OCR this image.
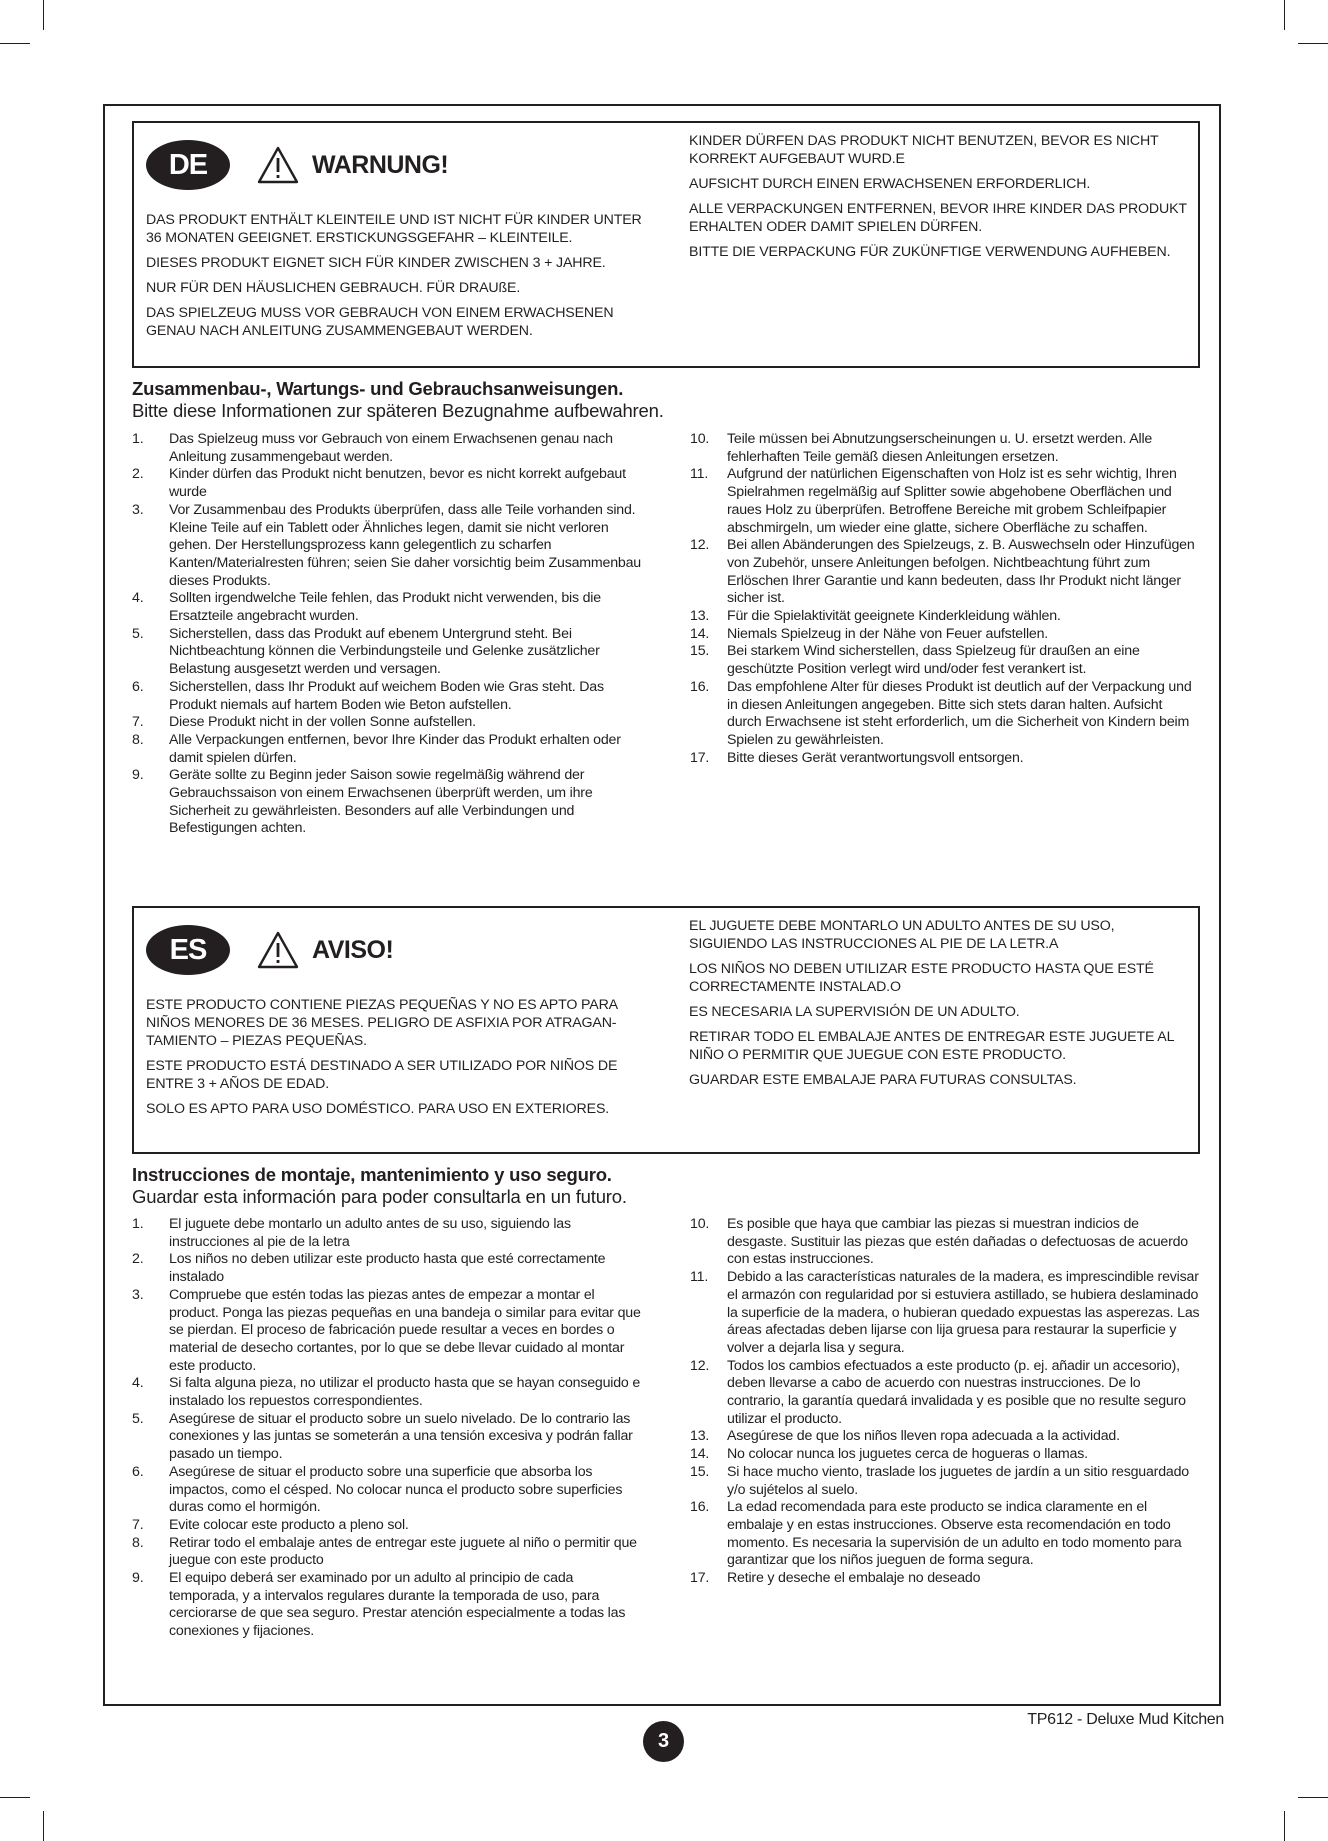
DE	WARNUNG!

DAS PRODUKT ENTHÄLT KLEINTEILE UND IST NICHT FÜR KINDER UNTER 36 MONATEN GEEIGNET. ERSTICKUNGSGEFAHR – KLEINTEILE.

DIESES PRODUKT EIGNET SICH FÜR KINDER ZWISCHEN 3 + JAHRE.

NUR FÜR DEN HÄUSLICHEN GEBRAUCH. FÜR DRAUßE.

DAS SPIELZEUG MUSS VOR GEBRAUCH VON EINEM ERWACHSENEN GENAU NACH ANLEITUNG ZUSAMMENGEBAUT WERDEN.

KINDER DÜRFEN DAS PRODUKT NICHT BENUTZEN, BEVOR ES NICHT KORREKT AUFGEBAUT WURD.E

AUFSICHT DURCH EINEN ERWACHSENEN ERFORDERLICH.

ALLE VERPACKUNGEN ENTFERNEN, BEVOR IHRE KINDER DAS PRODUKT ERHALTEN ODER DAMIT SPIELEN DÜRFEN.

BITTE DIE VERPACKUNG FÜR ZUKÜNFTIGE VERWENDUNG AUFHEBEN.

Zusammenbau-, Wartungs- und Gebrauchsanweisungen.
Bitte diese Informationen zur späteren Bezugnahme aufbewahren.
1. Das Spielzeug muss vor Gebrauch von einem Erwachsenen genau nach Anleitung zusammengebaut werden.
2. Kinder dürfen das Produkt nicht benutzen, bevor es nicht korrekt aufgebaut wurde
3. Vor Zusammenbau des Produkts überprüfen, dass alle Teile vorhanden sind. Kleine Teile auf ein Tablett oder Ähnliches legen, damit sie nicht verloren gehen. Der Herstellungsprozess kann gelegentlich zu scharfen Kanten/Materialresten führen; seien Sie daher vorsichtig beim Zusammenbau dieses Produkts.
4. Sollten irgendwelche Teile fehlen, das Produkt nicht verwenden, bis die Ersatzteile angebracht wurden.
5. Sicherstellen, dass das Produkt auf ebenem Untergrund steht. Bei Nichtbeachtung können die Verbindungsteile und Gelenke zusätzlicher Belastung ausgesetzt werden und versagen.
6. Sicherstellen, dass Ihr Produkt auf weichem Boden wie Gras steht. Das Produkt niemals auf hartem Boden wie Beton aufstellen.
7. Diese Produkt nicht in der vollen Sonne aufstellen.
8. Alle Verpackungen entfernen, bevor Ihre Kinder das Produkt erhalten oder damit spielen dürfen.
9. Geräte sollte zu Beginn jeder Saison sowie regelmäßig während der Gebrauchssaison von einem Erwachsenen überprüft werden, um ihre Sicherheit zu gewährleisten. Besonders auf alle Verbindungen und Befestigungen achten.
10. Teile müssen bei Abnutzungserscheinungen u. U. ersetzt werden. Alle fehlerhaften Teile gemäß diesen Anleitungen ersetzen.
11. Aufgrund der natürlichen Eigenschaften von Holz ist es sehr wichtig, Ihren Spielrahmen regelmäßig auf Splitter sowie abgehobene Oberflächen und raues Holz zu überprüfen. Betroffene Bereiche mit grobem Schleifpapier abschmirgeln, um wieder eine glatte, sichere Oberfläche zu schaffen.
12. Bei allen Abänderungen des Spielzeugs, z. B. Auswechseln oder Hinzufügen von Zubehör, unsere Anleitungen befolgen. Nichtbeachtung führt zum Erlöschen Ihrer Garantie und kann bedeuten, dass Ihr Produkt nicht länger sicher ist.
13. Für die Spielaktivität geeignete Kinderkleidung wählen.
14. Niemals Spielzeug in der Nähe von Feuer aufstellen.
15. Bei starkem Wind sicherstellen, dass Spielzeug für draußen an eine geschützte Position verlegt wird und/oder fest verankert ist.
16. Das empfohlene Alter für dieses Produkt ist deutlich auf der Verpackung und in diesen Anleitungen angegeben. Bitte sich stets daran halten. Aufsicht durch Erwachsene ist steht erforderlich, um die Sicherheit von Kindern beim Spielen zu gewährleisten.
17. Bitte dieses Gerät verantwortungsvoll entsorgen.
ES	AVISO!

ESTE PRODUCTO CONTIENE PIEZAS PEQUEÑAS Y NO ES APTO PARA NIÑOS MENORES DE 36 MESES. PELIGRO DE ASFIXIA POR ATRAGAN-TAMIENTO – PIEZAS PEQUEÑAS.

ESTE PRODUCTO ESTÁ DESTINADO A SER UTILIZADO POR NIÑOS DE ENTRE 3 + AÑOS DE EDAD.

SOLO ES APTO PARA USO DOMÉSTICO. PARA USO EN EXTERIORES.

EL JUGUETE DEBE MONTARLO UN ADULTO ANTES DE SU USO, SIGUIENDO LAS INSTRUCCIONES AL PIE DE LA LETR.A

LOS NIÑOS NO DEBEN UTILIZAR ESTE PRODUCTO HASTA QUE ESTÉ CORRECTAMENTE INSTALAD.O

ES NECESARIA LA SUPERVISIÓN DE UN ADULTO.

RETIRAR TODO EL EMBALAJE ANTES DE ENTREGAR ESTE JUGUETE AL NIÑO O PERMITIR QUE JUEGUE CON ESTE PRODUCTO.

GUARDAR ESTE EMBALAJE PARA FUTURAS CONSULTAS.

Instrucciones de montaje, mantenimiento y uso seguro.
Guardar esta información para poder consultarla en un futuro.
1. El juguete debe montarlo un adulto antes de su uso, siguiendo las instrucciones al pie de la letra
2. Los niños no deben utilizar este producto hasta que esté correctamente instalado
3. Compruebe que estén todas las piezas antes de empezar a montar el product. Ponga las piezas pequeñas en una bandeja o similar para evitar que se pierdan. El proceso de fabricación puede resultar a veces en bordes o material de desecho cortantes, por lo que se debe llevar cuidado al montar este producto.
4. Si falta alguna pieza, no utilizar el producto hasta que se hayan conseguido e instalado los repuestos correspondientes.
5. Asegúrese de situar el producto sobre un suelo nivelado. De lo contrario las conexiones y las juntas se someterán a una tensión excesiva y podrán fallar pasado un tiempo.
6. Asegúrese de situar el producto sobre una superficie que absorba los impactos, como el césped. No colocar nunca el producto sobre superficies duras como el hormigón.
7. Evite colocar este producto a pleno sol.
8. Retirar todo el embalaje antes de entregar este juguete al niño o permitir que juegue con este producto
9. El equipo deberá ser examinado por un adulto al principio de cada temporada, y a intervalos regulares durante la temporada de uso, para cerciorarse de que sea seguro. Prestar atención especialmente a todas las conexiones y fijaciones.
10. Es posible que haya que cambiar las piezas si muestran indicios de desgaste. Sustituir las piezas que estén dañadas o defectuosas de acuerdo con estas instrucciones.
11. Debido a las características naturales de la madera, es imprescindible revisar el armazón con regularidad por si estuviera astillado, se hubiera deslaminado la superficie de la madera, o hubieran quedado expuestas las asperezas. Las áreas afectadas deben lijarse con lija gruesa para restaurar la superficie y volver a dejarla lisa y segura.
12. Todos los cambios efectuados a este producto (p. ej. añadir un accesorio), deben llevarse a cabo de acuerdo con nuestras instrucciones. De lo contrario, la garantía quedará invalidada y es posible que no resulte seguro utilizar el producto.
13. Asegúrese de que los niños lleven ropa adecuada a la actividad.
14. No colocar nunca los juguetes cerca de hogueras o llamas.
15. Si hace mucho viento, traslade los juguetes de jardín a un sitio resguardado y/o sujételos al suelo.
16. La edad recomendada para este producto se indica claramente en el embalaje y en estas instrucciones. Observe esta recomendación en todo momento. Es necesaria la supervisión de un adulto en todo momento para garantizar que los niños jueguen de forma segura.
17. Retire y deseche el embalaje no deseado
TP612 - Deluxe Mud Kitchen
3
